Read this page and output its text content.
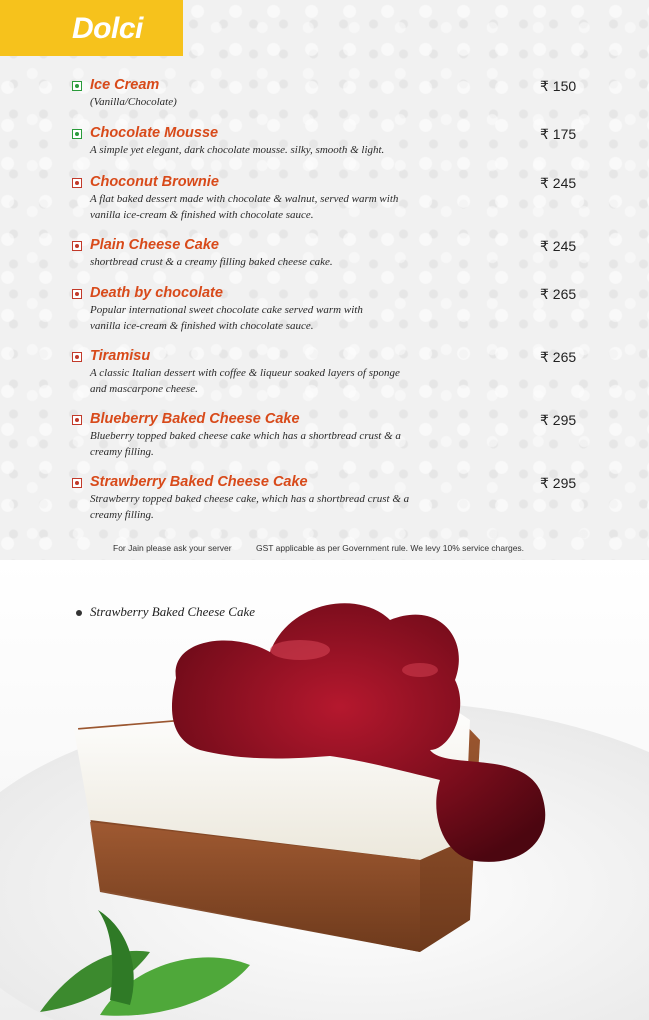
Dolci
Ice Cream
(Vanilla/Chocolate)
₹ 150
Chocolate Mousse
A simple yet elegant, dark chocolate mousse. silky, smooth & light.
₹ 175
Choconut Brownie
A flat baked dessert made with chocolate & walnut, served warm with vanilla ice-cream & finished with chocolate sauce.
₹ 245
Plain Cheese Cake
shortbread crust & a creamy filling baked cheese cake.
₹ 245
Death by chocolate
Popular international sweet chocolate cake served warm with vanilla ice-cream & finished with chocolate sauce.
₹ 265
Tiramisu
A classic Italian dessert with coffee & liqueur soaked layers of sponge and mascarpone cheese.
₹ 265
Blueberry Baked Cheese Cake
Blueberry topped baked cheese cake which has a shortbread crust & a creamy filling.
₹ 295
Strawberry Baked Cheese Cake
Strawberry topped baked cheese cake, which has a shortbread crust & a creamy filling.
₹ 295
For Jain please ask your server	GST applicable as per Government rule. We levy 10% service charges.
Strawberry Baked Cheese Cake
